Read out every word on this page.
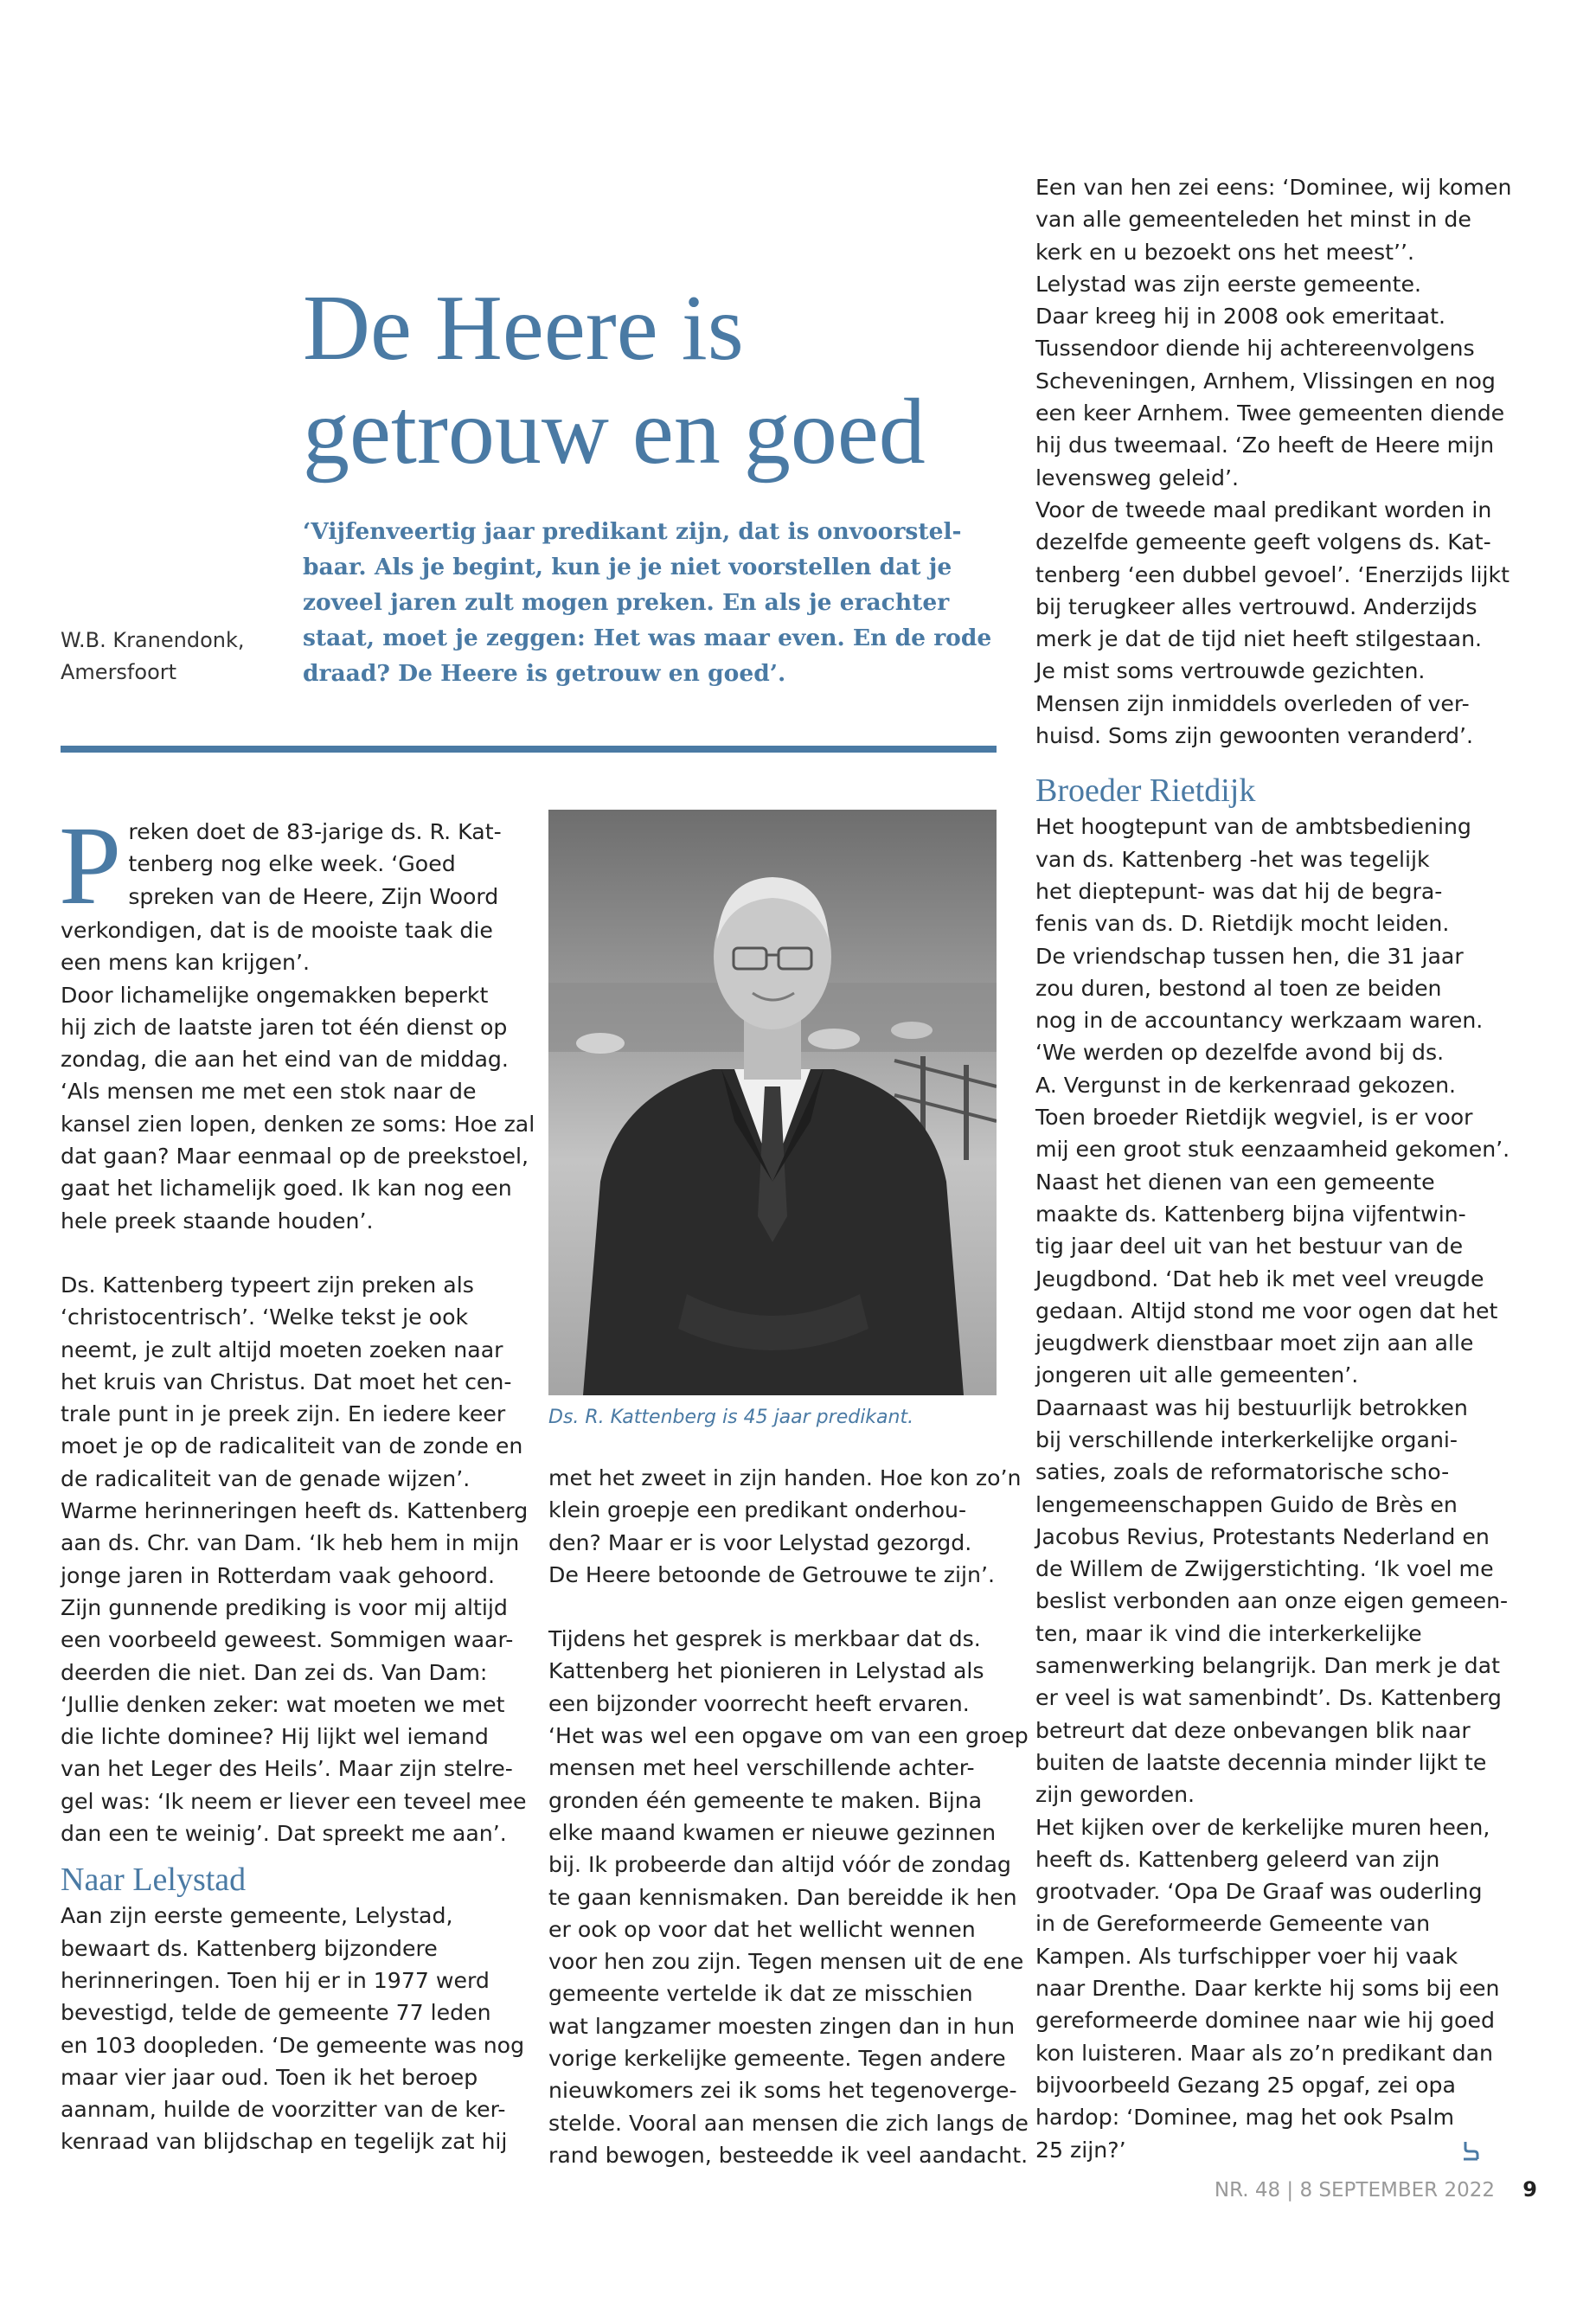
De Heere is
getrouw en goed

‘Vijfenveertig jaar predikant zijn, dat is onvoorstel-
baar. Als je begint, kun je je niet voorstellen dat je
zoveel jaren zult mogen preken. En als je erachter
staat, moet je zeggen: Het was maar even. En de rode
draad? De Heere is getrouw en goed’.

W.B. Kranendonk,
Amersfoort
P reken doet de 83-jarige ds. R. Kat-
tenberg nog elke week. ‘Goed
spreken van de Heere, Zijn Woord
verkondigen, dat is de mooiste taak die
een mens kan krijgen’.
Door lichamelijke ongemakken beperkt
hij zich de laatste jaren tot één dienst op
zondag, die aan het eind van de middag.
‘Als mensen me met een stok naar de
kansel zien lopen, denken ze soms: Hoe zal
dat gaan? Maar eenmaal op de preekstoel,
gaat het lichamelijk goed. Ik kan nog een
hele preek staande houden’.
Ds. Kattenberg typeert zijn preken als
‘christocentrisch’. ‘Welke tekst je ook
neemt, je zult altijd moeten zoeken naar
het kruis van Christus. Dat moet het cen-
trale punt in je preek zijn. En iedere keer
moet je op de radicaliteit van de zonde en
de radicaliteit van de genade wijzen’.
Warme herinneringen heeft ds. Kattenberg
aan ds. Chr. van Dam. ‘Ik heb hem in mijn
jonge jaren in Rotterdam vaak gehoord.
Zijn gunnende prediking is voor mij altijd
een voorbeeld geweest. Sommigen waar-
deerden die niet. Dan zei ds. Van Dam:
‘Jullie denken zeker: wat moeten we met
die lichte dominee? Hij lijkt wel iemand
van het Leger des Heils’. Maar zijn stelre-
gel was: ‘Ik neem er liever een teveel mee
dan een te weinig’. Dat spreekt me aan’.
Naar Lelystad
Aan zijn eerste gemeente, Lelystad,
bewaart ds. Kattenberg bijzondere
herinneringen. Toen hij er in 1977 werd
bevestigd, telde de gemeente 77 leden
en 103 doopleden. ‘De gemeente was nog
maar vier jaar oud. Toen ik het beroep
aannam, huilde de voorzitter van de ker-
kenraad van blijdschap en tegelijk zat hij
Ds. R. Kattenberg is 45 jaar predikant.
met het zweet in zijn handen. Hoe kon zo’n
klein groepje een predikant onderhou-
den? Maar er is voor Lelystad gezorgd.
De Heere betoonde de Getrouwe te zijn’.
Tijdens het gesprek is merkbaar dat ds.
Kattenberg het pionieren in Lelystad als
een bijzonder voorrecht heeft ervaren.
‘Het was wel een opgave om van een groep
mensen met heel verschillende achter-
gronden één gemeente te maken. Bijna
elke maand kwamen er nieuwe gezinnen
bij. Ik probeerde dan altijd vóór de zondag
te gaan kennismaken. Dan bereidde ik hen
er ook op voor dat het wellicht wennen
voor hen zou zijn. Tegen mensen uit de ene
gemeente vertelde ik dat ze misschien
wat langzamer moesten zingen dan in hun
vorige kerkelijke gemeente. Tegen andere
nieuwkomers zei ik soms het tegenoverge-
stelde. Vooral aan mensen die zich langs de
rand bewogen, besteedde ik veel aandacht.
Een van hen zei eens: ‘Dominee, wij komen
van alle gemeenteleden het minst in de
kerk en u bezoekt ons het meest’’.
Lelystad was zijn eerste gemeente.
Daar kreeg hij in 2008 ook emeritaat.
Tussendoor diende hij achtereenvolgens
Scheveningen, Arnhem, Vlissingen en nog
een keer Arnhem. Twee gemeenten diende
hij dus tweemaal. ‘Zo heeft de Heere mijn
levensweg geleid’.
Voor de tweede maal predikant worden in
dezelfde gemeente geeft volgens ds. Kat-
tenberg ‘een dubbel gevoel’. ‘Enerzijds lijkt
bij terugkeer alles vertrouwd. Anderzijds
merk je dat de tijd niet heeft stilgestaan.
Je mist soms vertrouwde gezichten.
Mensen zijn inmiddels overleden of ver-
huisd. Soms zijn gewoonten veranderd’.
Broeder Rietdijk
Het hoogtepunt van de ambtsbediening
van ds. Kattenberg -het was tegelijk
het dieptepunt- was dat hij de begra-
fenis van ds. D. Rietdijk mocht leiden.
De vriendschap tussen hen, die 31 jaar
zou duren, bestond al toen ze beiden
nog in de accountancy werkzaam waren.
‘We werden op dezelfde avond bij ds.
A. Vergunst in de kerkenraad gekozen.
Toen broeder Rietdijk wegviel, is er voor
mij een groot stuk eenzaamheid gekomen’.
Naast het dienen van een gemeente
maakte ds. Kattenberg bijna vijfentwin-
tig jaar deel uit van het bestuur van de
Jeugdbond. ‘Dat heb ik met veel vreugde
gedaan. Altijd stond me voor ogen dat het
jeugdwerk dienstbaar moet zijn aan alle
jongeren uit alle gemeenten’.
Daarnaast was hij bestuurlijk betrokken
bij verschillende interkerkelijke organi-
saties, zoals de reformatorische scho-
lengemeenschappen Guido de Brès en
Jacobus Revius, Protestants Nederland en
de Willem de Zwijgerstichting. ‘Ik voel me
beslist verbonden aan onze eigen gemeen-
ten, maar ik vind die interkerkelijke
samenwerking belangrijk. Dan merk je dat
er veel is wat samenbindt’. Ds. Kattenberg
betreurt dat deze onbevangen blik naar
buiten de laatste decennia minder lijkt te
zijn geworden.
Het kijken over de kerkelijke muren heen,
heeft ds. Kattenberg geleerd van zijn
grootvader. ‘Opa De Graaf was ouderling
in de Gereformeerde Gemeente van
Kampen. Als turfschipper voer hij vaak
naar Drenthe. Daar kerkte hij soms bij een
gereformeerde dominee naar wie hij goed
kon luisteren. Maar als zo’n predikant dan
bijvoorbeeld Gezang 25 opgaf, zei opa
hardop: ‘Dominee, mag het ook Psalm
25 zijn?’
NR. 48 | 8 SEPTEMBER 2022 9
